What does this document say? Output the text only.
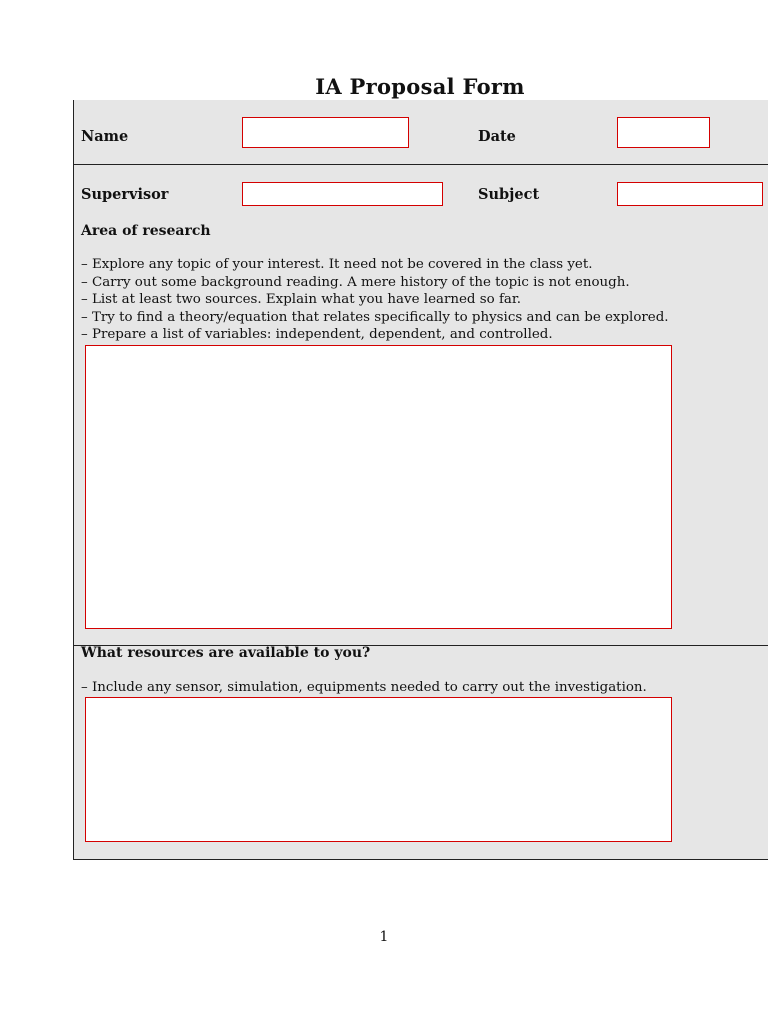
IA Proposal Form
Name	Date
Supervisor	Subject
Area of research
– Explore any topic of your interest. It need not be covered in the class yet.
– Carry out some background reading. A mere history of the topic is not enough.
– List at least two sources. Explain what you have learned so far.
– Try to find a theory/equation that relates specifically to physics and can be explored.
– Prepare a list of variables: independent, dependent, and controlled.
What resources are available to you?
– Include any sensor, simulation, equipments needed to carry out the investigation.
1
